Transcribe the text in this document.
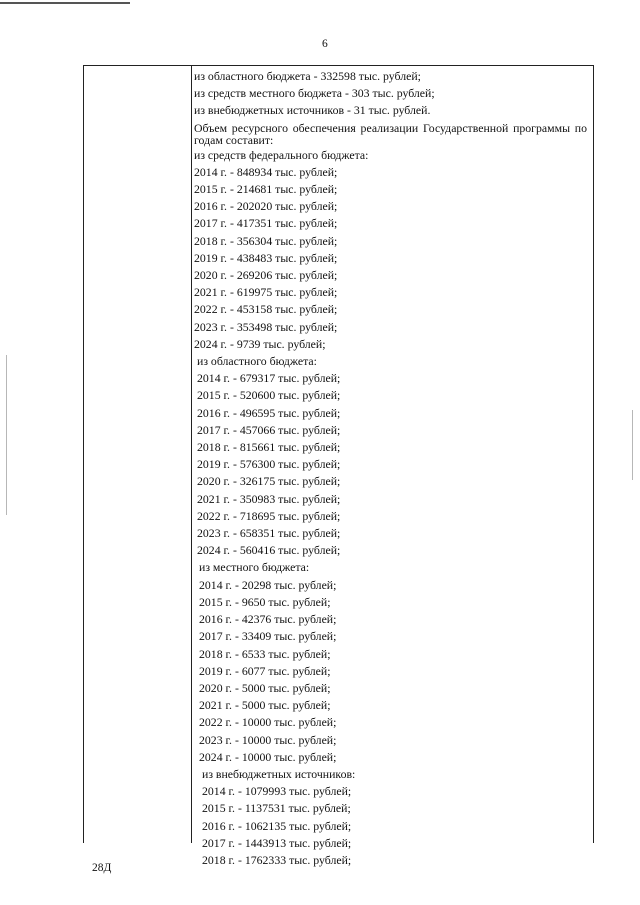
6
из областного бюджета - 332598 тыс. рублей;
из средств местного бюджета - 303 тыс. рублей;
из внебюджетных источников - 31 тыс. рублей.
Объем ресурсного обеспечения реализации Государственной программы по годам составит:
из средств федерального бюджета:
2014 г. - 848934 тыс. рублей;
2015 г. - 214681 тыс. рублей;
2016 г. - 202020 тыс. рублей;
2017 г. - 417351 тыс. рублей;
2018 г. - 356304 тыс. рублей;
2019 г. - 438483 тыс. рублей;
2020 г. - 269206 тыс. рублей;
2021 г. - 619975 тыс. рублей;
2022 г. - 453158 тыс. рублей;
2023 г. - 353498 тыс. рублей;
2024 г. - 9739 тыс. рублей;
из областного бюджета:
2014 г. - 679317 тыс. рублей;
2015 г. - 520600 тыс. рублей;
2016 г. - 496595 тыс. рублей;
2017 г. - 457066 тыс. рублей;
2018 г. - 815661 тыс. рублей;
2019 г. - 576300 тыс. рублей;
2020 г. - 326175 тыс. рублей;
2021 г. - 350983 тыс. рублей;
2022 г. - 718695 тыс. рублей;
2023 г. - 658351 тыс. рублей;
2024 г. - 560416 тыс. рублей;
из местного бюджета:
2014 г. - 20298 тыс. рублей;
2015 г. - 9650 тыс. рублей;
2016 г. - 42376 тыс. рублей;
2017 г. - 33409 тыс. рублей;
2018 г. - 6533 тыс. рублей;
2019 г. - 6077 тыс. рублей;
2020 г. - 5000 тыс. рублей;
2021 г. - 5000 тыс. рублей;
2022 г. - 10000 тыс. рублей;
2023 г. - 10000 тыс. рублей;
2024 г. - 10000 тыс. рублей;
из внебюджетных источников:
2014 г. - 1079993 тыс. рублей;
2015 г. - 1137531 тыс. рублей;
2016 г. - 1062135 тыс. рублей;
2017 г. - 1443913 тыс. рублей;
2018 г. - 1762333 тыс. рублей;
28Д
